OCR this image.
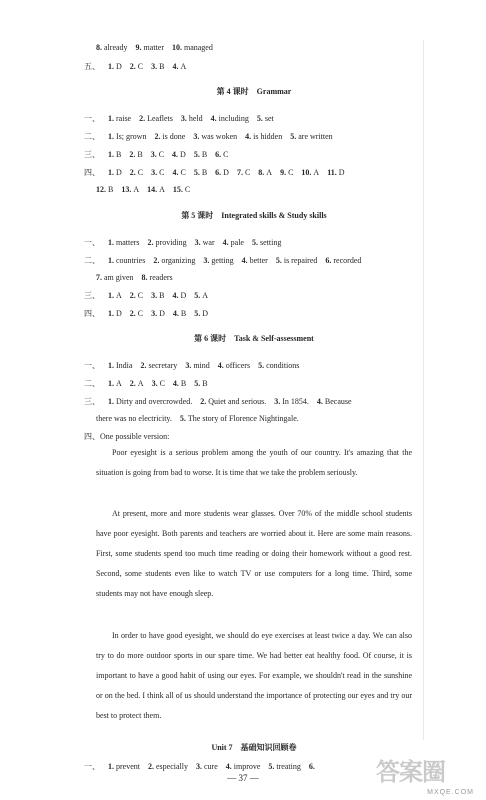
8. already 9. matter 10. managed
五、 1. D 2. C 3. B 4. A
第 4 课时　Grammar
一、 1. raise 2. Leaflets 3. held 4. including 5. set
二、 1. Is; grown 2. is done 3. was woken 4. is hidden 5. are written
三、 1. B 2. B 3. C 4. D 5. B 6. C
四、 1. D 2. C 3. C 4. C 5. B 6. D 7. C 8. A 9. C 10. A 11. D
12. B 13. A 14. A 15. C
第 5 课时　Integrated skills & Study skills
一、 1. matters 2. providing 3. war 4. pale 5. setting
二、 1. countries 2. organizing 3. getting 4. better 5. is repaired 6. recorded
7. am given 8. readers
三、 1. A 2. C 3. B 4. D 5. A
四、 1. D 2. C 3. D 4. B 5. D
第 6 课时　Task & Self-assessment
一、 1. India 2. secretary 3. mind 4. officers 5. conditions
二、 1. A 2. A 3. C 4. B 5. B
三、 1. Dirty and overcrowded. 2. Quiet and serious. 3. In 1854. 4. Because
there was no electricity. 5. The story of Florence Nightingale.
四、One possible version:
Poor eyesight is a serious problem among the youth of our country. It's amazing that the situation is going from bad to worse. It is time that we take the problem seriously.
At present, more and more students wear glasses. Over 70% of the middle school students have poor eyesight. Both parents and teachers are worried about it. Here are some main reasons. First, some students spend too much time reading or doing their homework without a good rest. Second, some students even like to watch TV or use computers for a long time. Third, some students may not have enough sleep.
In order to have good eyesight, we should do eye exercises at least twice a day. We can also try to do more outdoor sports in our spare time. We had better eat healthy food. Of course, it is important to have a good habit of using our eyes. For example, we shouldn't read in the sunshine or on the bed. I think all of us should understand the importance of protecting our eyes and try our best to protect them.
Unit 7　基础知识回顾卷
一、 1. prevent 2. especially 3. cure 4. improve 5. treating 6.
— 37 —	答案圈
MXQE.COM
